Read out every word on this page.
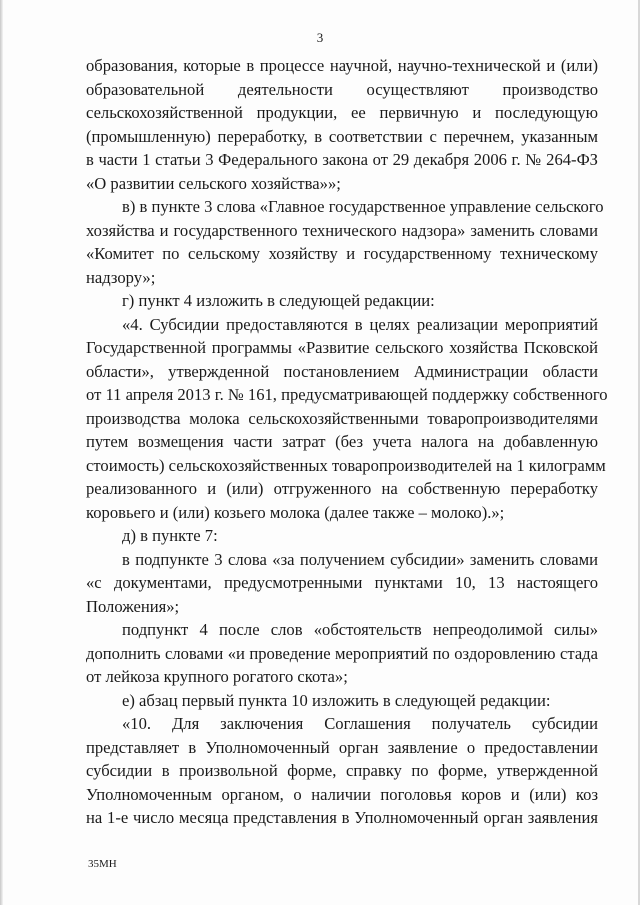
3
образования, которые в процессе научной, научно-технической и (или)
образовательной деятельности осуществляют производство
сельскохозяйственной продукции, ее первичную и последующую
(промышленную) переработку, в соответствии с перечнем, указанным
в части 1 статьи 3 Федерального закона от 29 декабря 2006 г. № 264-ФЗ
«О развитии сельского хозяйства»»;
в) в пункте 3 слова «Главное государственное управление сельского
хозяйства и государственного технического надзора» заменить словами
«Комитет по сельскому хозяйству и государственному техническому
надзору»;
г) пункт 4 изложить в следующей редакции:
«4. Субсидии предоставляются в целях реализации мероприятий
Государственной программы «Развитие сельского хозяйства Псковской
области», утвержденной постановлением Администрации области
от 11 апреля 2013 г. № 161, предусматривающей поддержку собственного
производства молока сельскохозяйственными товаропроизводителями
путем возмещения части затрат (без учета налога на добавленную
стоимость) сельскохозяйственных товаропроизводителей на 1 килограмм
реализованного и (или) отгруженного на собственную переработку
коровьего и (или) козьего молока (далее также – молоко).»;
д) в пункте 7:
в подпункте 3 слова «за получением субсидии» заменить словами
«с документами, предусмотренными пунктами 10, 13 настоящего
Положения»;
подпункт 4 после слов «обстоятельств непреодолимой силы»
дополнить словами «и проведение мероприятий по оздоровлению стада
от лейкоза крупного рогатого скота»;
е) абзац первый пункта 10 изложить в следующей редакции:
«10. Для заключения Соглашения получатель субсидии
представляет в Уполномоченный орган заявление о предоставлении
субсидии в произвольной форме, справку по форме, утвержденной
Уполномоченным органом, о наличии поголовья коров и (или) коз
на 1-е число месяца представления в Уполномоченный орган заявления
35МН
